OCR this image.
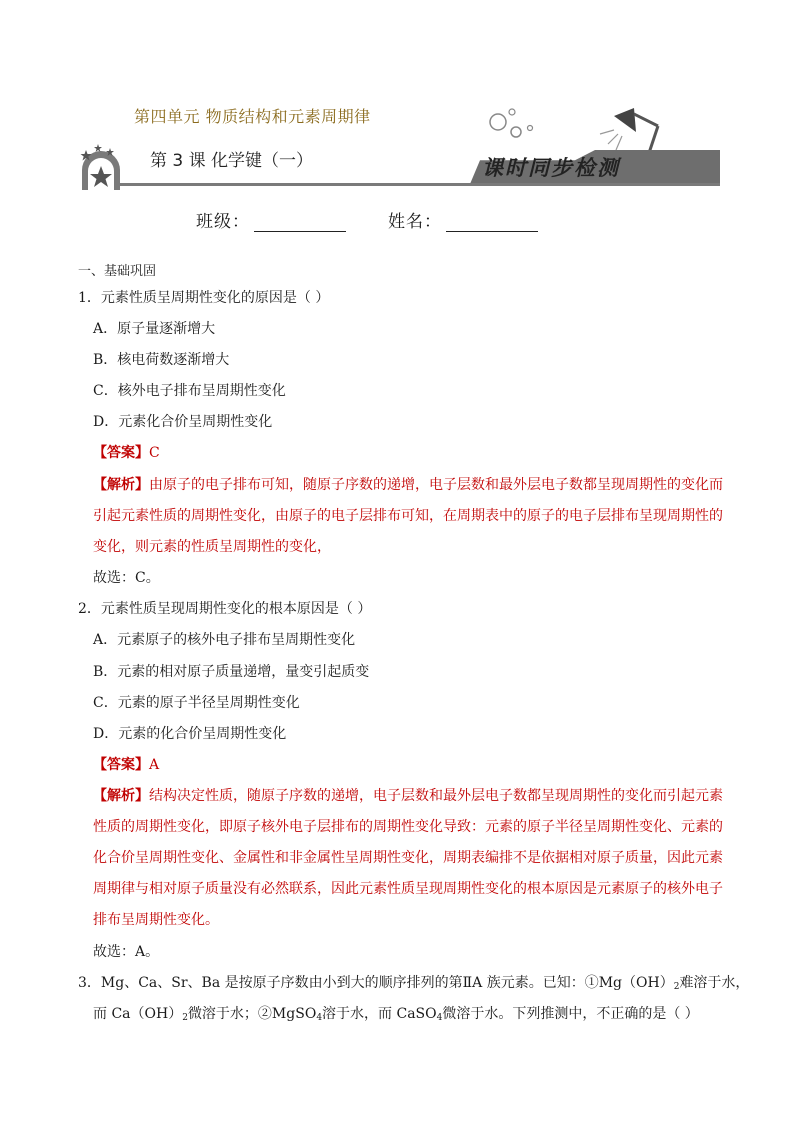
第四单元 物质结构和元素周期律
第 3 课 化学键（一）	课时同步检测
班级：	姓名：
一、基础巩固
1．元素性质呈周期性变化的原因是（ ）
A．原子量逐渐增大
B．核电荷数逐渐增大
C．核外电子排布呈周期性变化
D．元素化合价呈周期性变化
【答案】C
【解析】由原子的电子排布可知，随原子序数的递增，电子层数和最外层电子数都呈现周期性的变化而
引起元素性质的周期性变化，由原子的电子层排布可知，在周期表中的原子的电子层排布呈现周期性的
变化，则元素的性质呈周期性的变化，
故选：C。
2．元素性质呈现周期性变化的根本原因是（ ）
A．元素原子的核外电子排布呈周期性变化
B．元素的相对原子质量递增，量变引起质变
C．元素的原子半径呈周期性变化
D．元素的化合价呈周期性变化
【答案】A
【解析】结构决定性质，随原子序数的递增，电子层数和最外层电子数都呈现周期性的变化而引起元素
性质的周期性变化，即原子核外电子层排布的周期性变化导致：元素的原子半径呈周期性变化、元素的
化合价呈周期性变化、金属性和非金属性呈周期性变化，周期表编排不是依据相对原子质量，因此元素
周期律与相对原子质量没有必然联系，因此元素性质呈现周期性变化的根本原因是元素原子的核外电子
排布呈周期性变化。
故选：A。
3．Mg、Ca、Sr、Ba 是按原子序数由小到大的顺序排列的第ⅡA 族元素。已知：$①Mg(OH)_2$难溶于水，
而 $Ca(OH)_2$微溶于水；②MgSO$_4$溶于水，而 CaSO$_4$微溶于水。下列推测中，不正确的是（ ）
